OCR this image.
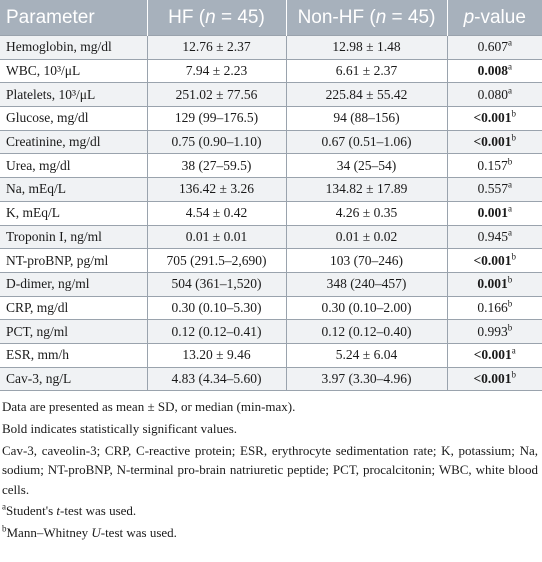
Parameter	HF (n = 45)	Non-HF (n = 45)	p-value
Hemoglobin, mg/dl	12.76 ± 2.37	12.98 ± 1.48	0.607$^a$
WBC, 10³/μL	7.94 ± 2.23	6.61 ± 2.37	0.008$^a$
Platelets, 10³/μL	251.02 ± 77.56	225.84 ± 55.42	0.080$^a$
Glucose, mg/dl	129 (99–176.5)	94 (88–156)	<0.001$^b$
Creatinine, mg/dl	0.75 (0.90–1.10)	0.67 (0.51–1.06)	<0.001$^b$
Urea, mg/dl	38 (27–59.5)	34 (25–54)	0.157$^b$
Na, mEq/L	136.42 ± 3.26	134.82 ± 17.89	0.557$^a$
K, mEq/L	4.54 ± 0.42	4.26 ± 0.35	0.001$^a$
Troponin I, ng/ml	0.01 ± 0.01	0.01 ± 0.02	0.945$^a$
NT-proBNP, pg/ml	705 (291.5–2,690)	103 (70–246)	<0.001$^b$
D-dimer, ng/ml	504 (361–1,520)	348 (240–457)	0.001$^b$
CRP, mg/dl	0.30 (0.10–5.30)	0.30 (0.10–2.00)	0.166$^b$
PCT, ng/ml	0.12 (0.12–0.41)	0.12 (0.12–0.40)	0.993$^b$
ESR, mm/h	13.20 ± 9.46	5.24 ± 6.04	<0.001$^a$
Cav-3, ng/L	4.83 (4.34–5.60)	3.97 (3.30–4.96)	<0.001$^b$

Data are presented as mean ± SD, or median (min-max).

Bold indicates statistically significant values.

Cav-3, caveolin-3; CRP, C-reactive protein; ESR, erythrocyte sedimentation rate; K, potassium; Na, sodium; NT-proBNP, N-terminal pro-brain natriuretic peptide; PCT, procalcitonin; WBC, white blood cells.

$^a$Student's t-test was used.

$^b$Mann–Whitney U-test was used.
